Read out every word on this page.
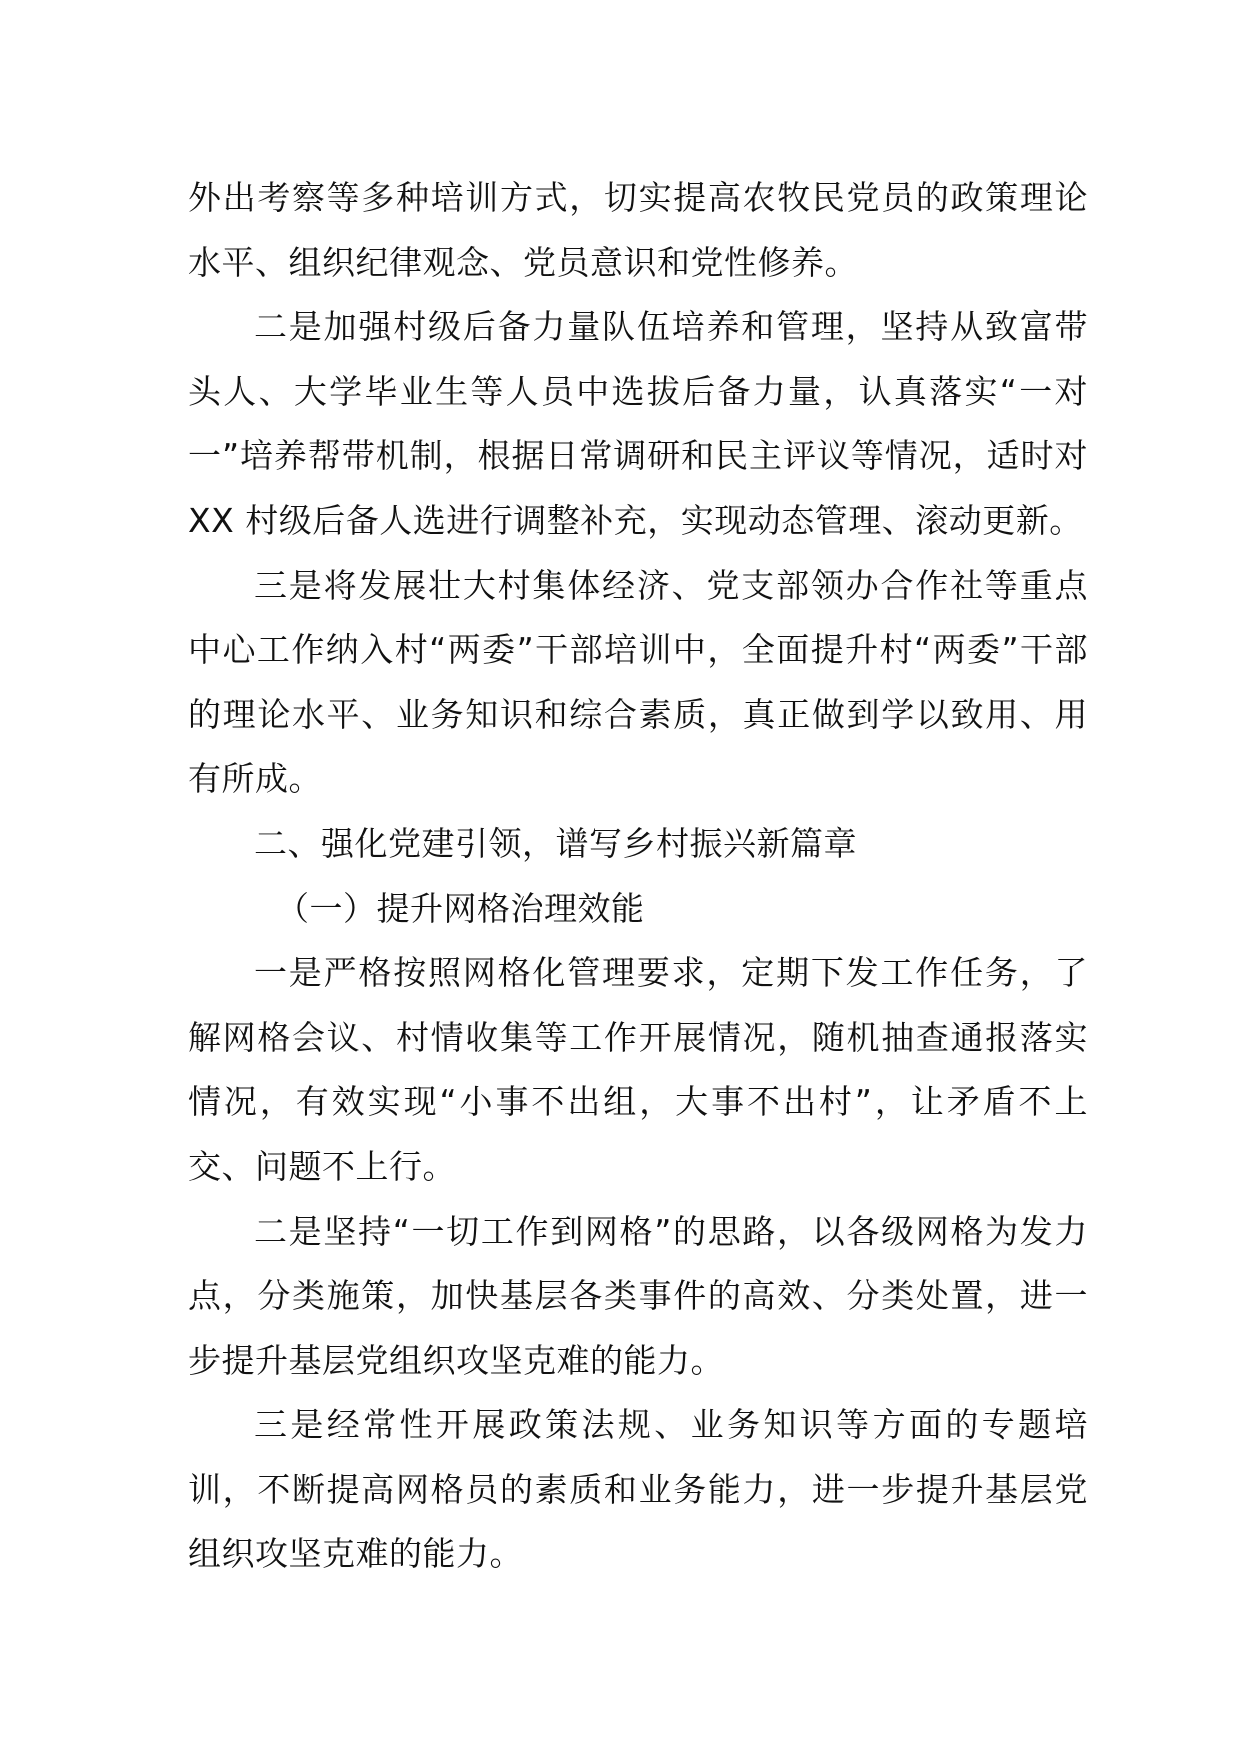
外出考察等多种培训方式，切实提高农牧民党员的政策理论水平、组织纪律观念、党员意识和党性修养。

二是加强村级后备力量队伍培养和管理，坚持从致富带头人、大学毕业生等人员中选拔后备力量，认真落实“一对一”培养帮带机制，根据日常调研和民主评议等情况，适时对 XX 村级后备人选进行调整补充，实现动态管理、滚动更新。

三是将发展壮大村集体经济、党支部领办合作社等重点中心工作纳入村“两委”干部培训中，全面提升村“两委”干部的理论水平、业务知识和综合素质，真正做到学以致用、用有所成。

二、强化党建引领，谱写乡村振兴新篇章

（一）提升网格治理效能

一是严格按照网格化管理要求，定期下发工作任务，了解网格会议、村情收集等工作开展情况，随机抽查通报落实情况，有效实现“小事不出组，大事不出村”，让矛盾不上交、问题不上行。

二是坚持“一切工作到网格”的思路，以各级网格为发力点，分类施策，加快基层各类事件的高效、分类处置，进一步提升基层党组织攻坚克难的能力。

三是经常性开展政策法规、业务知识等方面的专题培训，不断提高网格员的素质和业务能力，进一步提升基层党组织攻坚克难的能力。
